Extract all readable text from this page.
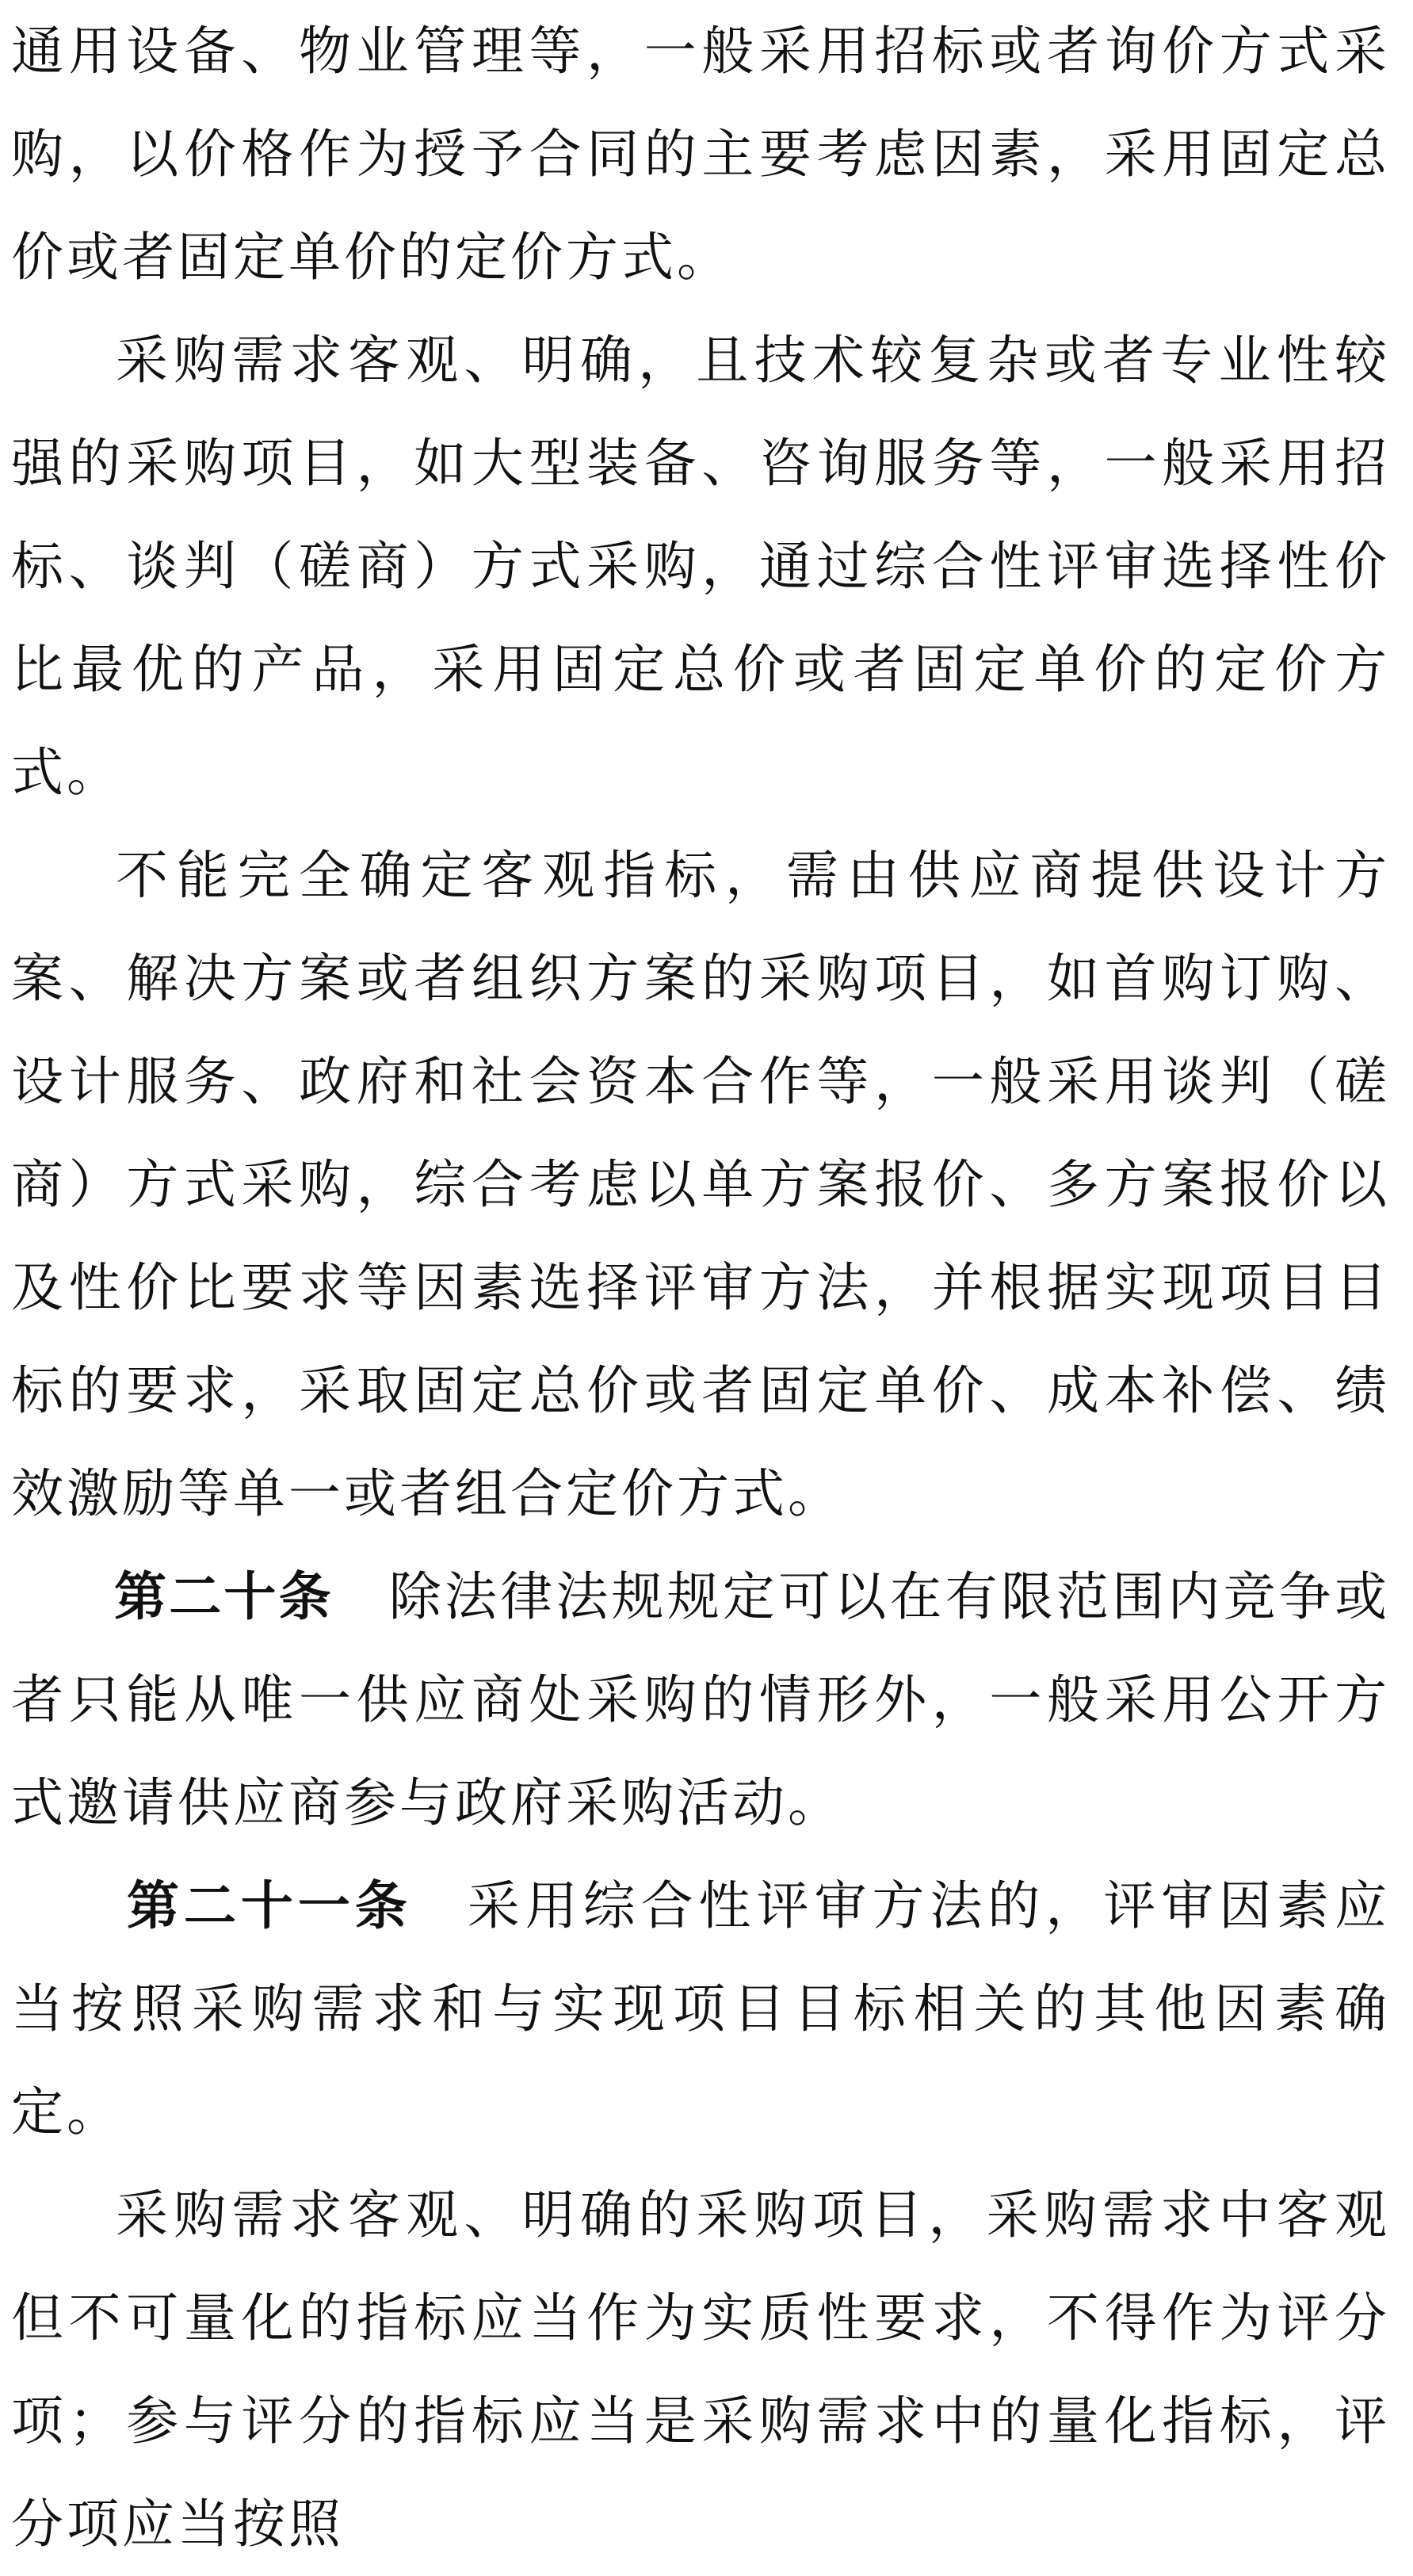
通用设备、物业管理等，一般采用招标或者询价方式采购，以价格作为授予合同的主要考虑因素，采用固定总价或者固定单价的定价方式。

采购需求客观、明确，且技术较复杂或者专业性较强的采购项目，如大型装备、咨询服务等，一般采用招标、谈判（磋商）方式采购，通过综合性评审选择性价比最优的产品，采用固定总价或者固定单价的定价方式。

不能完全确定客观指标，需由供应商提供设计方案、解决方案或者组织方案的采购项目，如首购订购、设计服务、政府和社会资本合作等，一般采用谈判（磋商）方式采购，综合考虑以单方案报价、多方案报价以及性价比要求等因素选择评审方法，并根据实现项目目标的要求，采取固定总价或者固定单价、成本补偿、绩效激励等单一或者组合定价方式。

第二十条 除法律法规规定可以在有限范围内竞争或者只能从唯一供应商处采购的情形外，一般采用公开方式邀请供应商参与政府采购活动。

第二十一条 采用综合性评审方法的，评审因素应当按照采购需求和与实现项目目标相关的其他因素确定。

采购需求客观、明确的采购项目，采购需求中客观但不可量化的指标应当作为实质性要求，不得作为评分项；参与评分的指标应当是采购需求中的量化指标，评分项应当按照
